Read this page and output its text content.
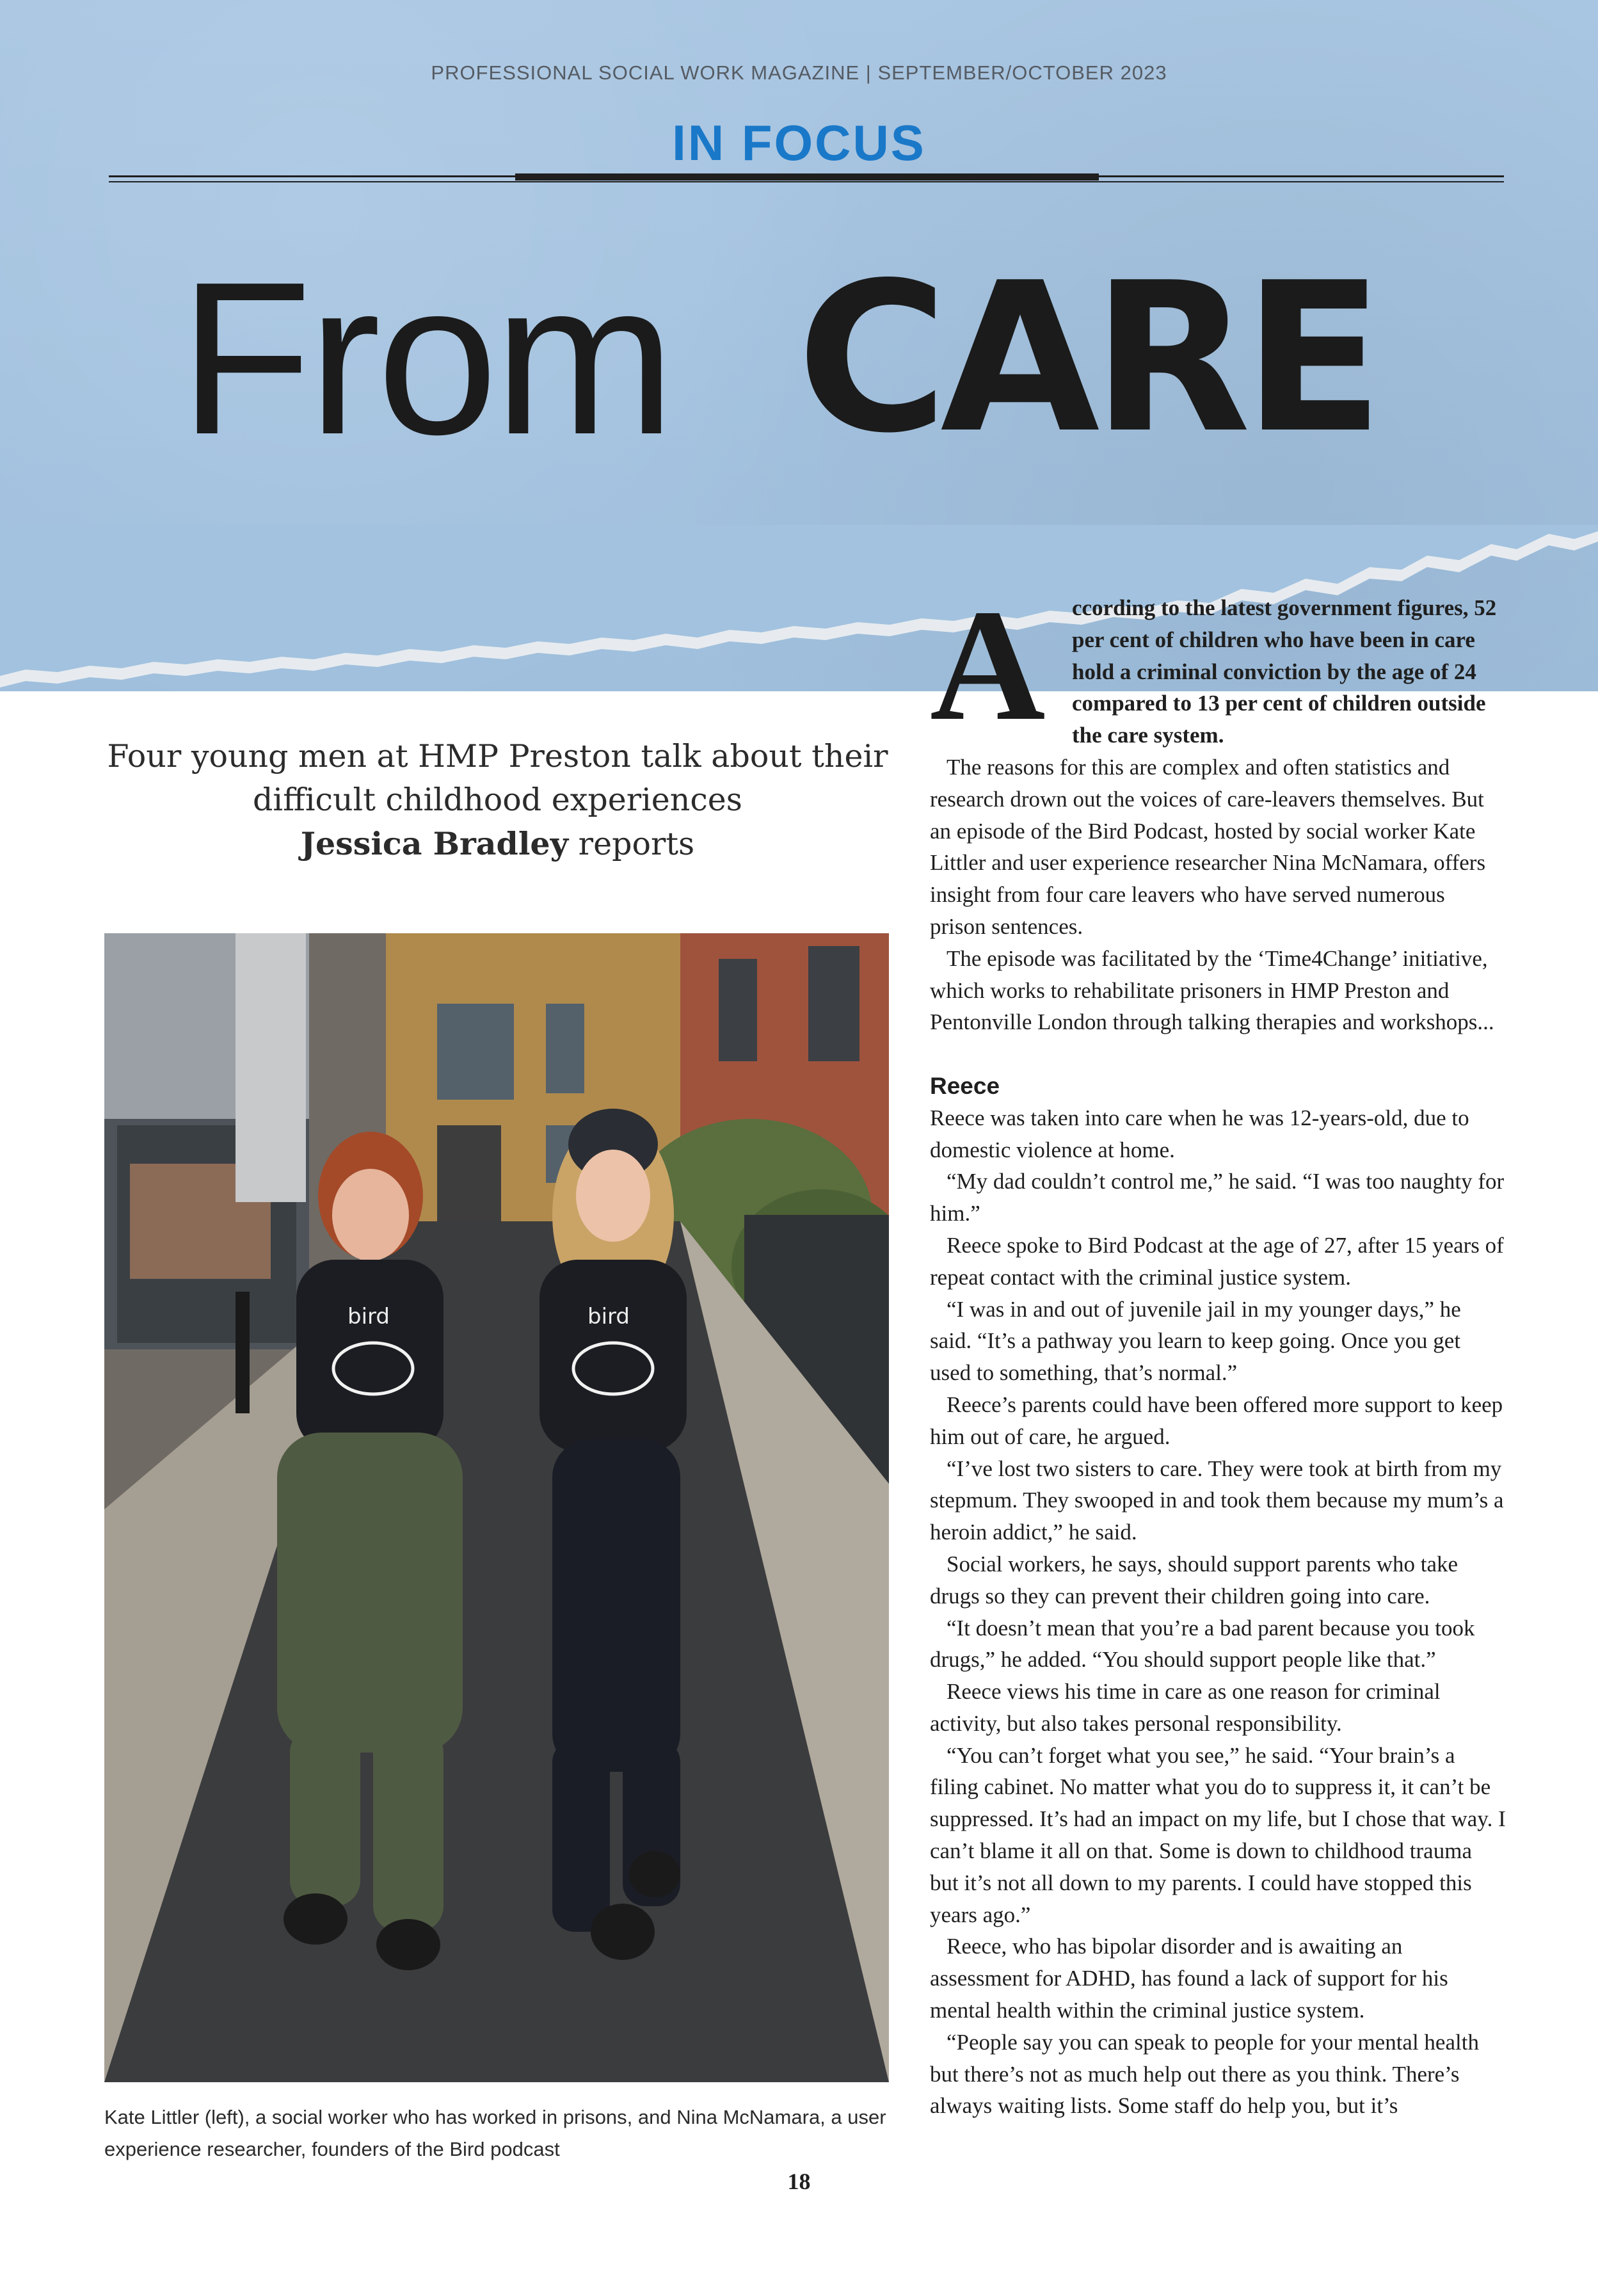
PROFESSIONAL SOCIAL WORK MAGAZINE | SEPTEMBER/OCTOBER 2023
IN FOCUS
From CARE
Four young men at HMP Preston talk about their
difficult childhood experiences
Jessica Bradley reports
bird	bird
Kate Littler (left), a social worker who has worked in prisons, and Nina McNamara, a user experience researcher, founders of the Bird podcast
A	ccording to the latest government figures, 52 per cent of children who have been in care hold a criminal conviction by the age of 24 compared to 13 per cent of children outside the care system.

The reasons for this are complex and often statistics and research drown out the voices of care-leavers themselves. But an episode of the Bird Podcast, hosted by social worker Kate Littler and user experience researcher Nina McNamara, offers insight from four care leavers who have served numerous prison sentences.

The episode was facilitated by the ‘Time4Change’ initiative, which works to rehabilitate prisoners in HMP Preston and Pentonville London through talking therapies and workshops...

Reece

Reece was taken into care when he was 12-years-old, due to domestic violence at home.

“My dad couldn’t control me,” he said. “I was too naughty for him.”

Reece spoke to Bird Podcast at the age of 27, after 15 years of repeat contact with the criminal justice system.

“I was in and out of juvenile jail in my younger days,” he said. “It’s a pathway you learn to keep going. Once you get used to something, that’s normal.”

Reece’s parents could have been offered more support to keep him out of care, he argued.

“I’ve lost two sisters to care. They were took at birth from my stepmum. They swooped in and took them because my mum’s a heroin addict,” he said.

Social workers, he says, should support parents who take drugs so they can prevent their children going into care.

“It doesn’t mean that you’re a bad parent because you took drugs,” he added. “You should support people like that.”

Reece views his time in care as one reason for criminal activity, but also takes personal responsibility.

“You can’t forget what you see,” he said. “Your brain’s a filing cabinet. No matter what you do to suppress it, it can’t be suppressed. It’s had an impact on my life, but I chose that way. I can’t blame it all on that. Some is down to childhood trauma but it’s not all down to my parents. I could have stopped this years ago.”

Reece, who has bipolar disorder and is awaiting an assessment for ADHD, has found a lack of support for his mental health within the criminal justice system.

“People say you can speak to people for your mental health but there’s not as much help out there as you think. There’s always waiting lists. Some staff do help you, but it’s

18
